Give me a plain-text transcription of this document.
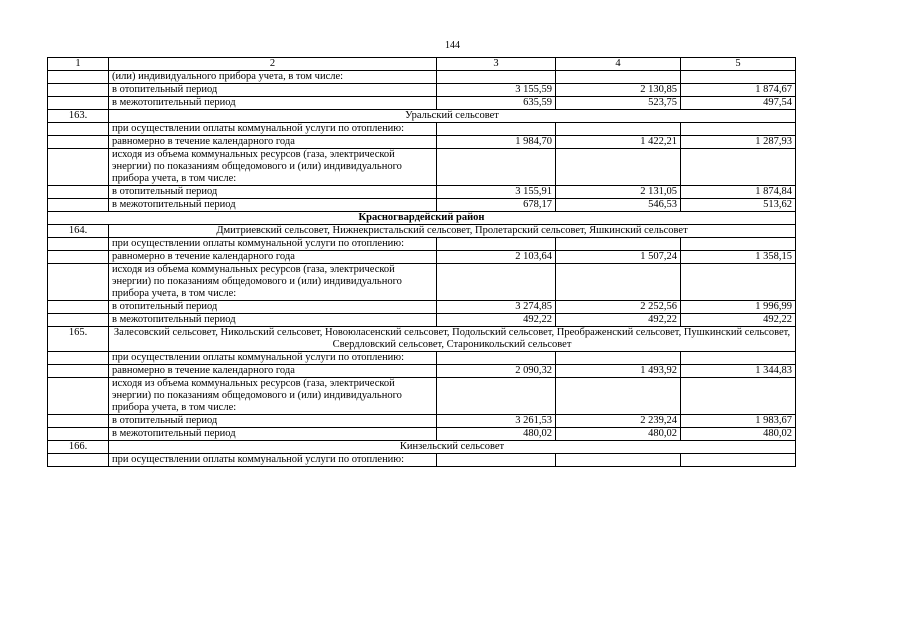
144
1	2	3	4	5
	(или) индивидуального прибора учета, в том числе:			
	в отопительный период	3 155,59	2 130,85	1 874,67
	в межотопительный период	635,59	523,75	497,54
163.	Уральский сельсовет			
	при осуществлении оплаты коммунальной услуги по отоплению:			
	равномерно в течение календарного года	1 984,70	1 422,21	1 287,93
	исходя из объема коммунальных ресурсов (газа, электрической энергии) по показаниям общедомового и (или) индивидуального прибора учета, в том числе:			
	в отопительный период	3 155,91	2 131,05	1 874,84
	в межотопительный период	678,17	546,53	513,62
Красногвардейский район				
164.	Дмитриевский сельсовет, Нижнекристальский сельсовет, Пролетарский сельсовет, Яшкинский сельсовет			
	при осуществлении оплаты коммунальной услуги по отоплению:			
	равномерно в течение календарного года	2 103,64	1 507,24	1 358,15
	исходя из объема коммунальных ресурсов (газа, электрической энергии) по показаниям общедомового и (или) индивидуального прибора учета, в том числе:			
	в отопительный период	3 274,85	2 252,56	1 996,99
	в межотопительный период	492,22	492,22	492,22
165.	Залесовский сельсовет, Никольский сельсовет, Новоюласенский сельсовет, Подольский сельсовет, Преображенский сельсовет, Пушкинский сельсовет, Свердловский сельсовет, Староникольский сельсовет			
	при осуществлении оплаты коммунальной услуги по отоплению:			
	равномерно в течение календарного года	2 090,32	1 493,92	1 344,83
	исходя из объема коммунальных ресурсов (газа, электрической энергии) по показаниям общедомового и (или) индивидуального прибора учета, в том числе:			
	в отопительный период	3 261,53	2 239,24	1 983,67
	в межотопительный период	480,02	480,02	480,02
166.	Кинзельский сельсовет			
	при осуществлении оплаты коммунальной услуги по отоплению:			
